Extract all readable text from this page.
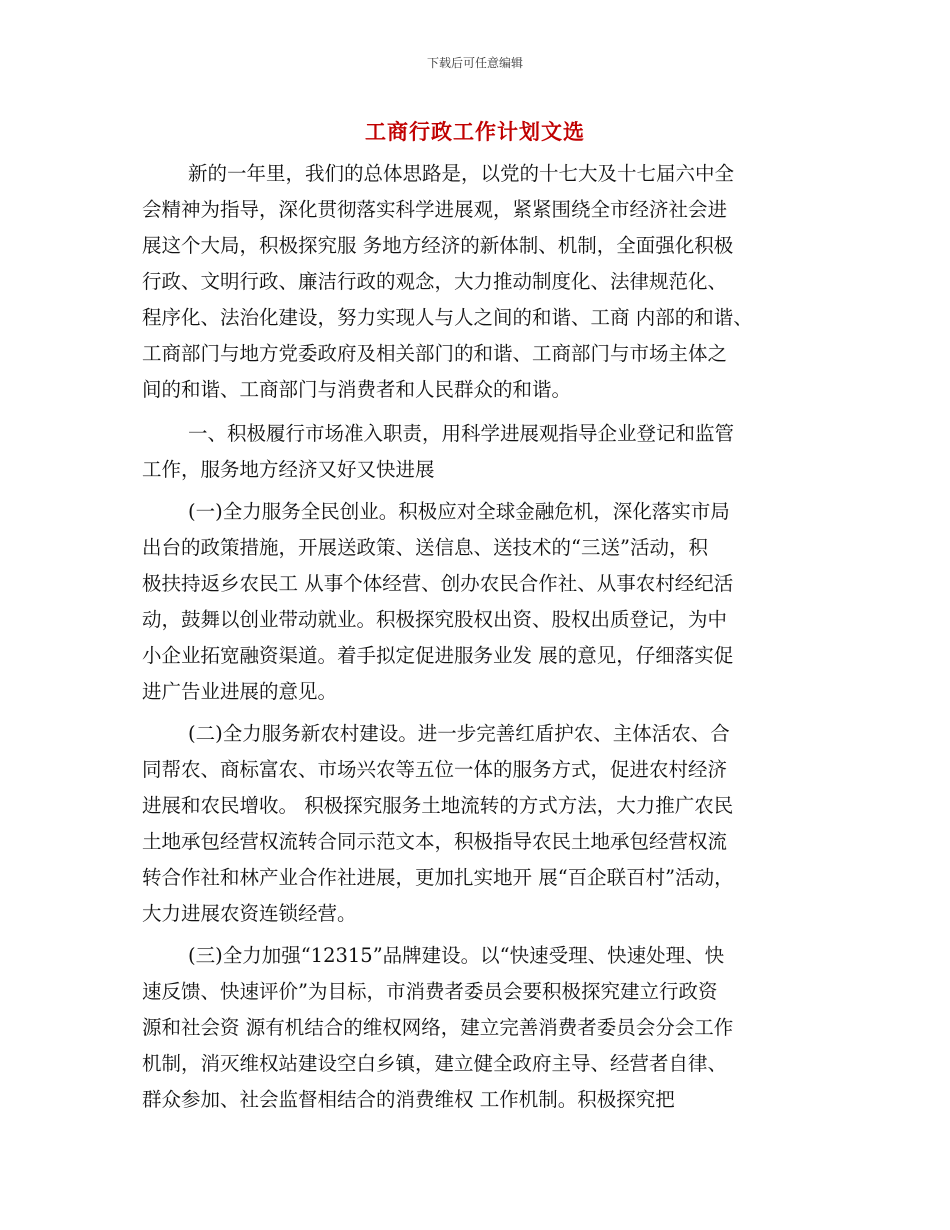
下载后可任意编辑
工商行政工作计划文选
新的一年里，我们的总体思路是，以党的十七大及十七届六中全
会精神为指导，深化贯彻落实科学进展观，紧紧围绕全市经济社会进
展这个大局，积极探究服 务地方经济的新体制、机制，全面强化积极
行政、文明行政、廉洁行政的观念，大力推动制度化、法律规范化、
程序化、法治化建设，努力实现人与人之间的和谐、工商 内部的和谐、
工商部门与地方党委政府及相关部门的和谐、工商部门与市场主体之
间的和谐、工商部门与消费者和人民群众的和谐。
一、积极履行市场准入职责，用科学进展观指导企业登记和监管
工作，服务地方经济又好又快进展
(一)全力服务全民创业。积极应对全球金融危机，深化落实市局
出台的政策措施，开展送政策、送信息、送技术的“三送”活动，积
极扶持返乡农民工 从事个体经营、创办农民合作社、从事农村经纪活
动，鼓舞以创业带动就业。积极探究股权出资、股权出质登记，为中
小企业拓宽融资渠道。着手拟定促进服务业发 展的意见，仔细落实促
进广告业进展的意见。
(二)全力服务新农村建设。进一步完善红盾护农、主体活农、合
同帮农、商标富农、市场兴农等五位一体的服务方式，促进农村经济
进展和农民增收。 积极探究服务土地流转的方式方法，大力推广农民
土地承包经营权流转合同示范文本，积极指导农民土地承包经营权流
转合作社和林产业合作社进展，更加扎实地开 展“百企联百村”活动，
大力进展农资连锁经营。
(三)全力加强“12315”品牌建设。以“快速受理、快速处理、快
速反馈、快速评价”为目标，市消费者委员会要积极探究建立行政资
源和社会资 源有机结合的维权网络，建立完善消费者委员会分会工作
机制，消灭维权站建设空白乡镇，建立健全政府主导、经营者自律、
群众参加、社会监督相结合的消费维权 工作机制。积极探究把
